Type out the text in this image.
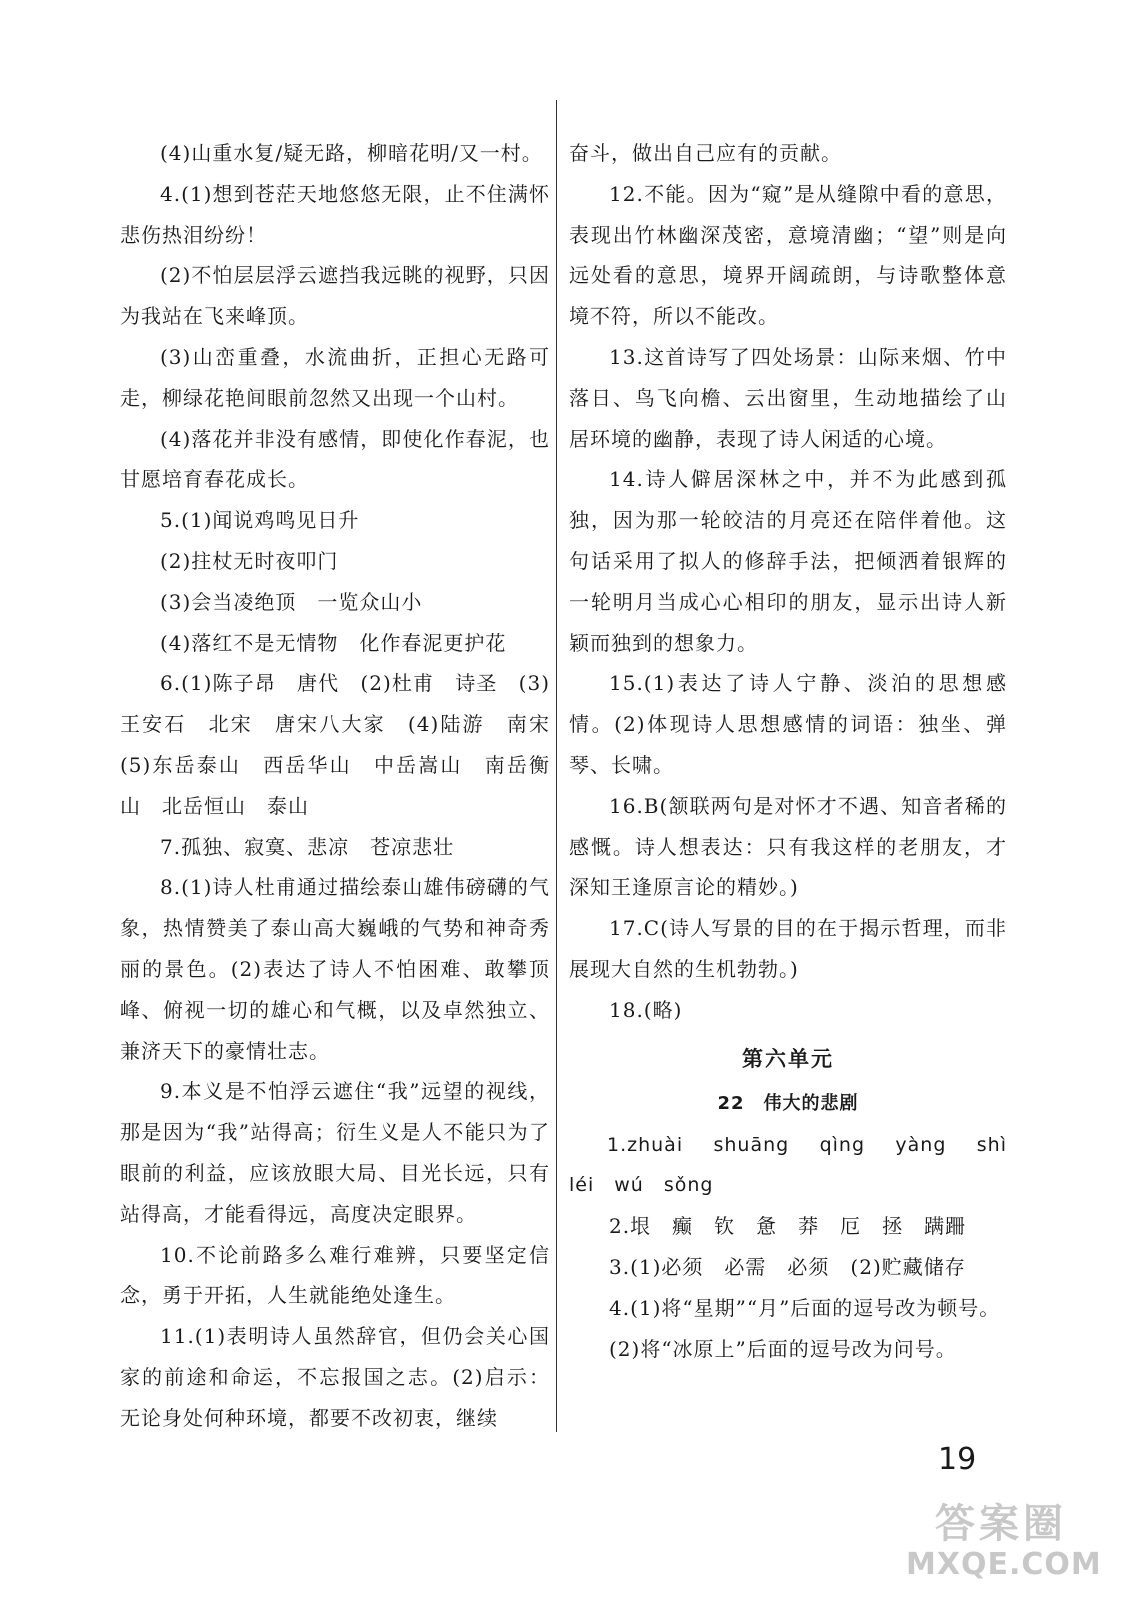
(4)山重水复/疑无路，柳暗花明/又一村。

4.(1)想到苍茫天地悠悠无限，止不住满怀悲伤热泪纷纷！

(2)不怕层层浮云遮挡我远眺的视野，只因为我站在飞来峰顶。

(3)山峦重叠，水流曲折，正担心无路可走，柳绿花艳间眼前忽然又出现一个山村。

(4)落花并非没有感情，即使化作春泥，也甘愿培育春花成长。

5.(1)闻说鸡鸣见日升

(2)拄杖无时夜叩门

(3)会当凌绝顶　一览众山小

(4)落红不是无情物　化作春泥更护花

6.(1)陈子昂　唐代　(2)杜甫　诗圣　(3)王安石　北宋　唐宋八大家　(4)陆游　南宋　(5)东岳泰山　西岳华山　中岳嵩山　南岳衡山　北岳恒山　泰山

7.孤独、寂寞、悲凉　苍凉悲壮

8.(1)诗人杜甫通过描绘泰山雄伟磅礴的气象，热情赞美了泰山高大巍峨的气势和神奇秀丽的景色。(2)表达了诗人不怕困难、敢攀顶峰、俯视一切的雄心和气概，以及卓然独立、兼济天下的豪情壮志。

9.本义是不怕浮云遮住“我”远望的视线，那是因为“我”站得高；衍生义是人不能只为了眼前的利益，应该放眼大局、目光长远，只有站得高，才能看得远，高度决定眼界。

10.不论前路多么难行难辨，只要坚定信念，勇于开拓，人生就能绝处逢生。

11.(1)表明诗人虽然辞官，但仍会关心国家的前途和命运，不忘报国之志。(2)启示：无论身处何种环境，都要不改初衷，继续

奋斗，做出自己应有的贡献。

12.不能。因为“窥”是从缝隙中看的意思，表现出竹林幽深茂密，意境清幽；“望”则是向远处看的意思，境界开阔疏朗，与诗歌整体意境不符，所以不能改。

13.这首诗写了四处场景：山际来烟、竹中落日、鸟飞向檐、云出窗里，生动地描绘了山居环境的幽静，表现了诗人闲适的心境。

14.诗人僻居深林之中，并不为此感到孤独，因为那一轮皎洁的月亮还在陪伴着他。这句话采用了拟人的修辞手法，把倾洒着银辉的一轮明月当成心心相印的朋友，显示出诗人新颖而独到的想象力。

15.(1)表达了诗人宁静、淡泊的思想感情。(2)体现诗人思想感情的词语：独坐、弹琴、长啸。

16.B(颔联两句是对怀才不遇、知音者稀的感慨。诗人想表达：只有我这样的老朋友，才深知王逢原言论的精妙。)

17.C(诗人写景的目的在于揭示哲理，而非展现大自然的生机勃勃。)

18.(略)

第六单元
22　伟大的悲剧

1.zhuài　shuāng　qìng　yàng　shì　léi　wú　sǒng

2.垠　癫　钦　惫　莽　厄　拯　蹒跚

3.(1)必须　必需　必须　(2)贮藏储存

4.(1)将“星期”“月”后面的逗号改为顿号。

(2)将“冰原上”后面的逗号改为问号。

19
答案圈
MXQE.COM
